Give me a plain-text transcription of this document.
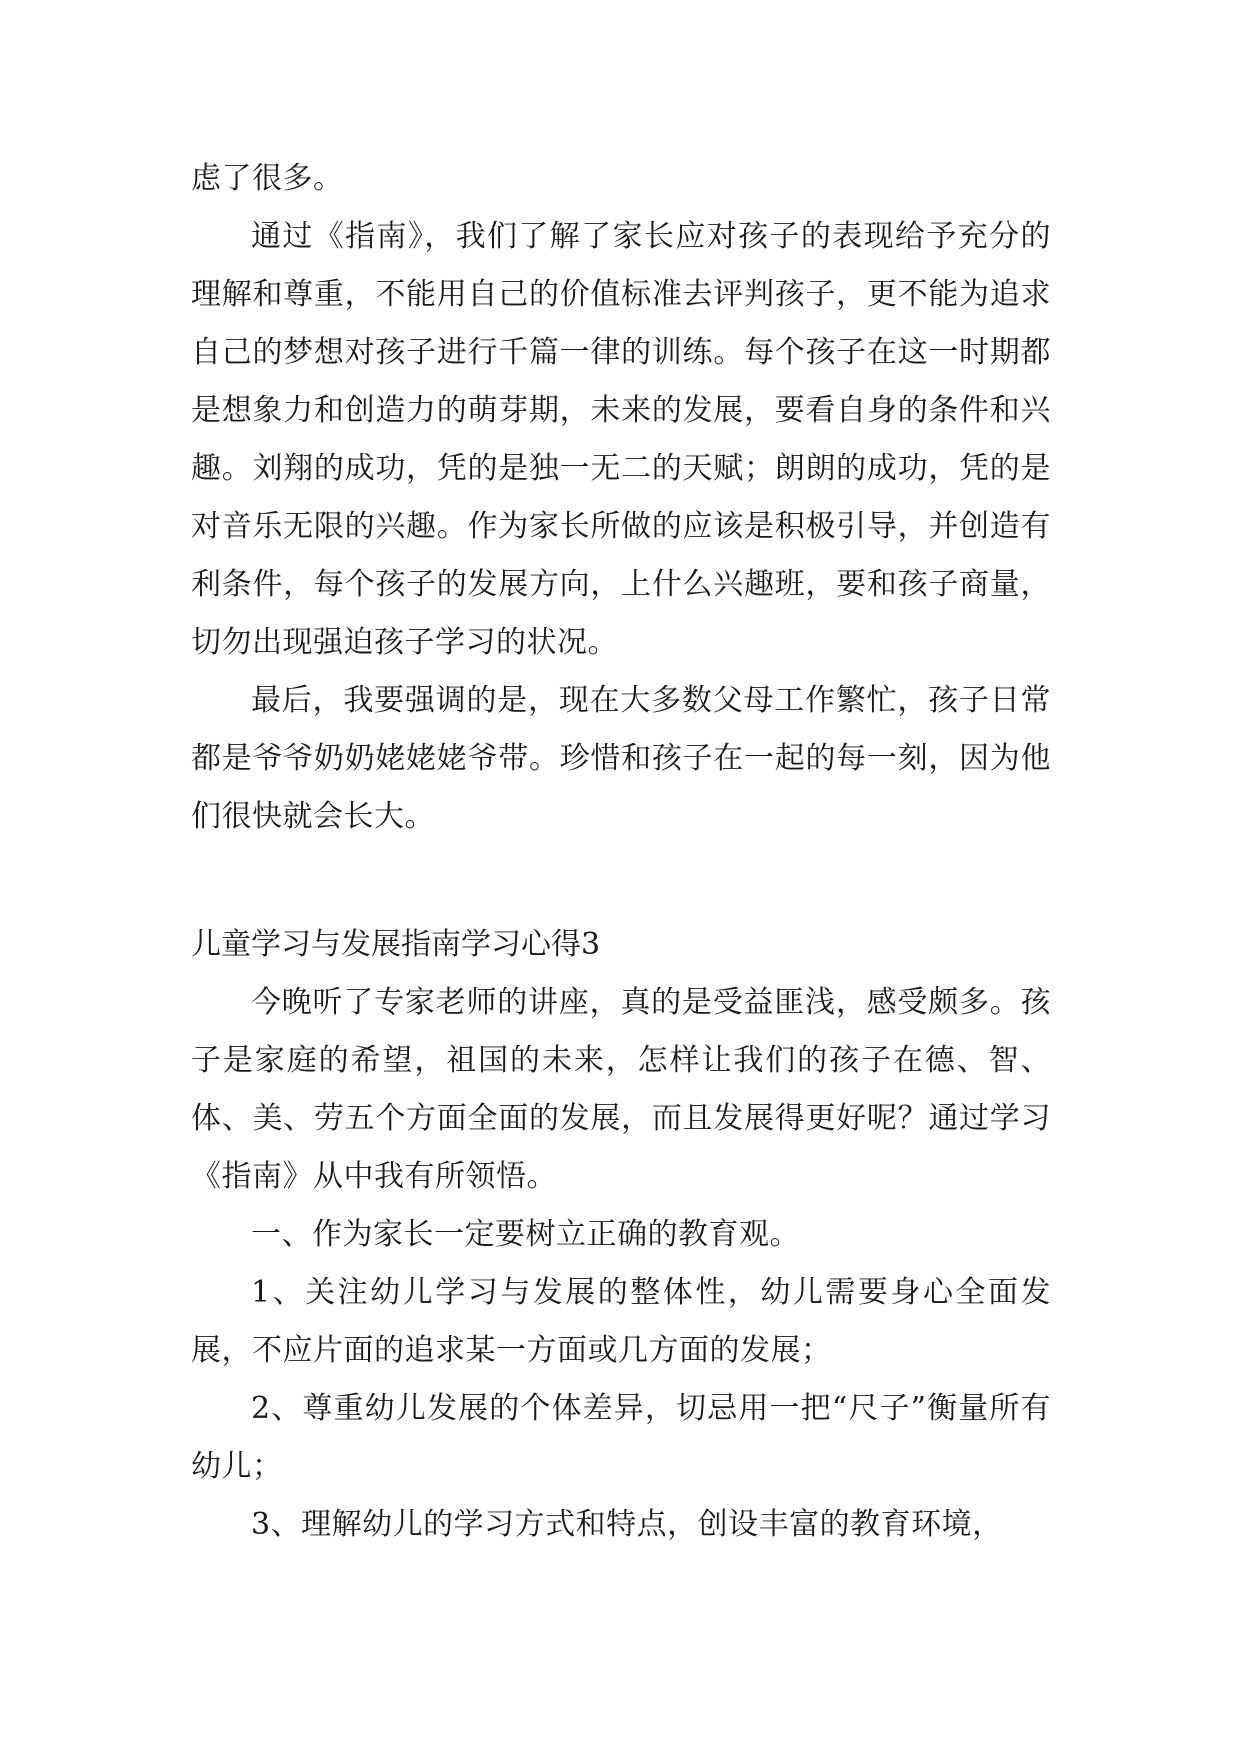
虑了很多。

通过《指南》，我们了解了家长应对孩子的表现给予充分的理解和尊重，不能用自己的价值标准去评判孩子，更不能为追求自己的梦想对孩子进行千篇一律的训练。每个孩子在这一时期都是想象力和创造力的萌芽期，未来的发展，要看自身的条件和兴趣。刘翔的成功，凭的是独一无二的天赋；朗朗的成功，凭的是对音乐无限的兴趣。作为家长所做的应该是积极引导，并创造有利条件，每个孩子的发展方向，上什么兴趣班，要和孩子商量，切勿出现强迫孩子学习的状况。

最后，我要强调的是，现在大多数父母工作繁忙，孩子日常都是爷爷奶奶姥姥姥爷带。珍惜和孩子在一起的每一刻，因为他们很快就会长大。

儿童学习与发展指南学习心得3

今晚听了专家老师的讲座，真的是受益匪浅，感受颇多。孩子是家庭的希望，祖国的未来，怎样让我们的孩子在德、智、体、美、劳五个方面全面的发展，而且发展得更好呢？通过学习《指南》从中我有所领悟。

一、作为家长一定要树立正确的教育观。

1、关注幼儿学习与发展的整体性，幼儿需要身心全面发展，不应片面的追求某一方面或几方面的发展；

2、尊重幼儿发展的个体差异，切忌用一把“尺子”衡量所有幼儿；

3、理解幼儿的学习方式和特点，创设丰富的教育环境，
